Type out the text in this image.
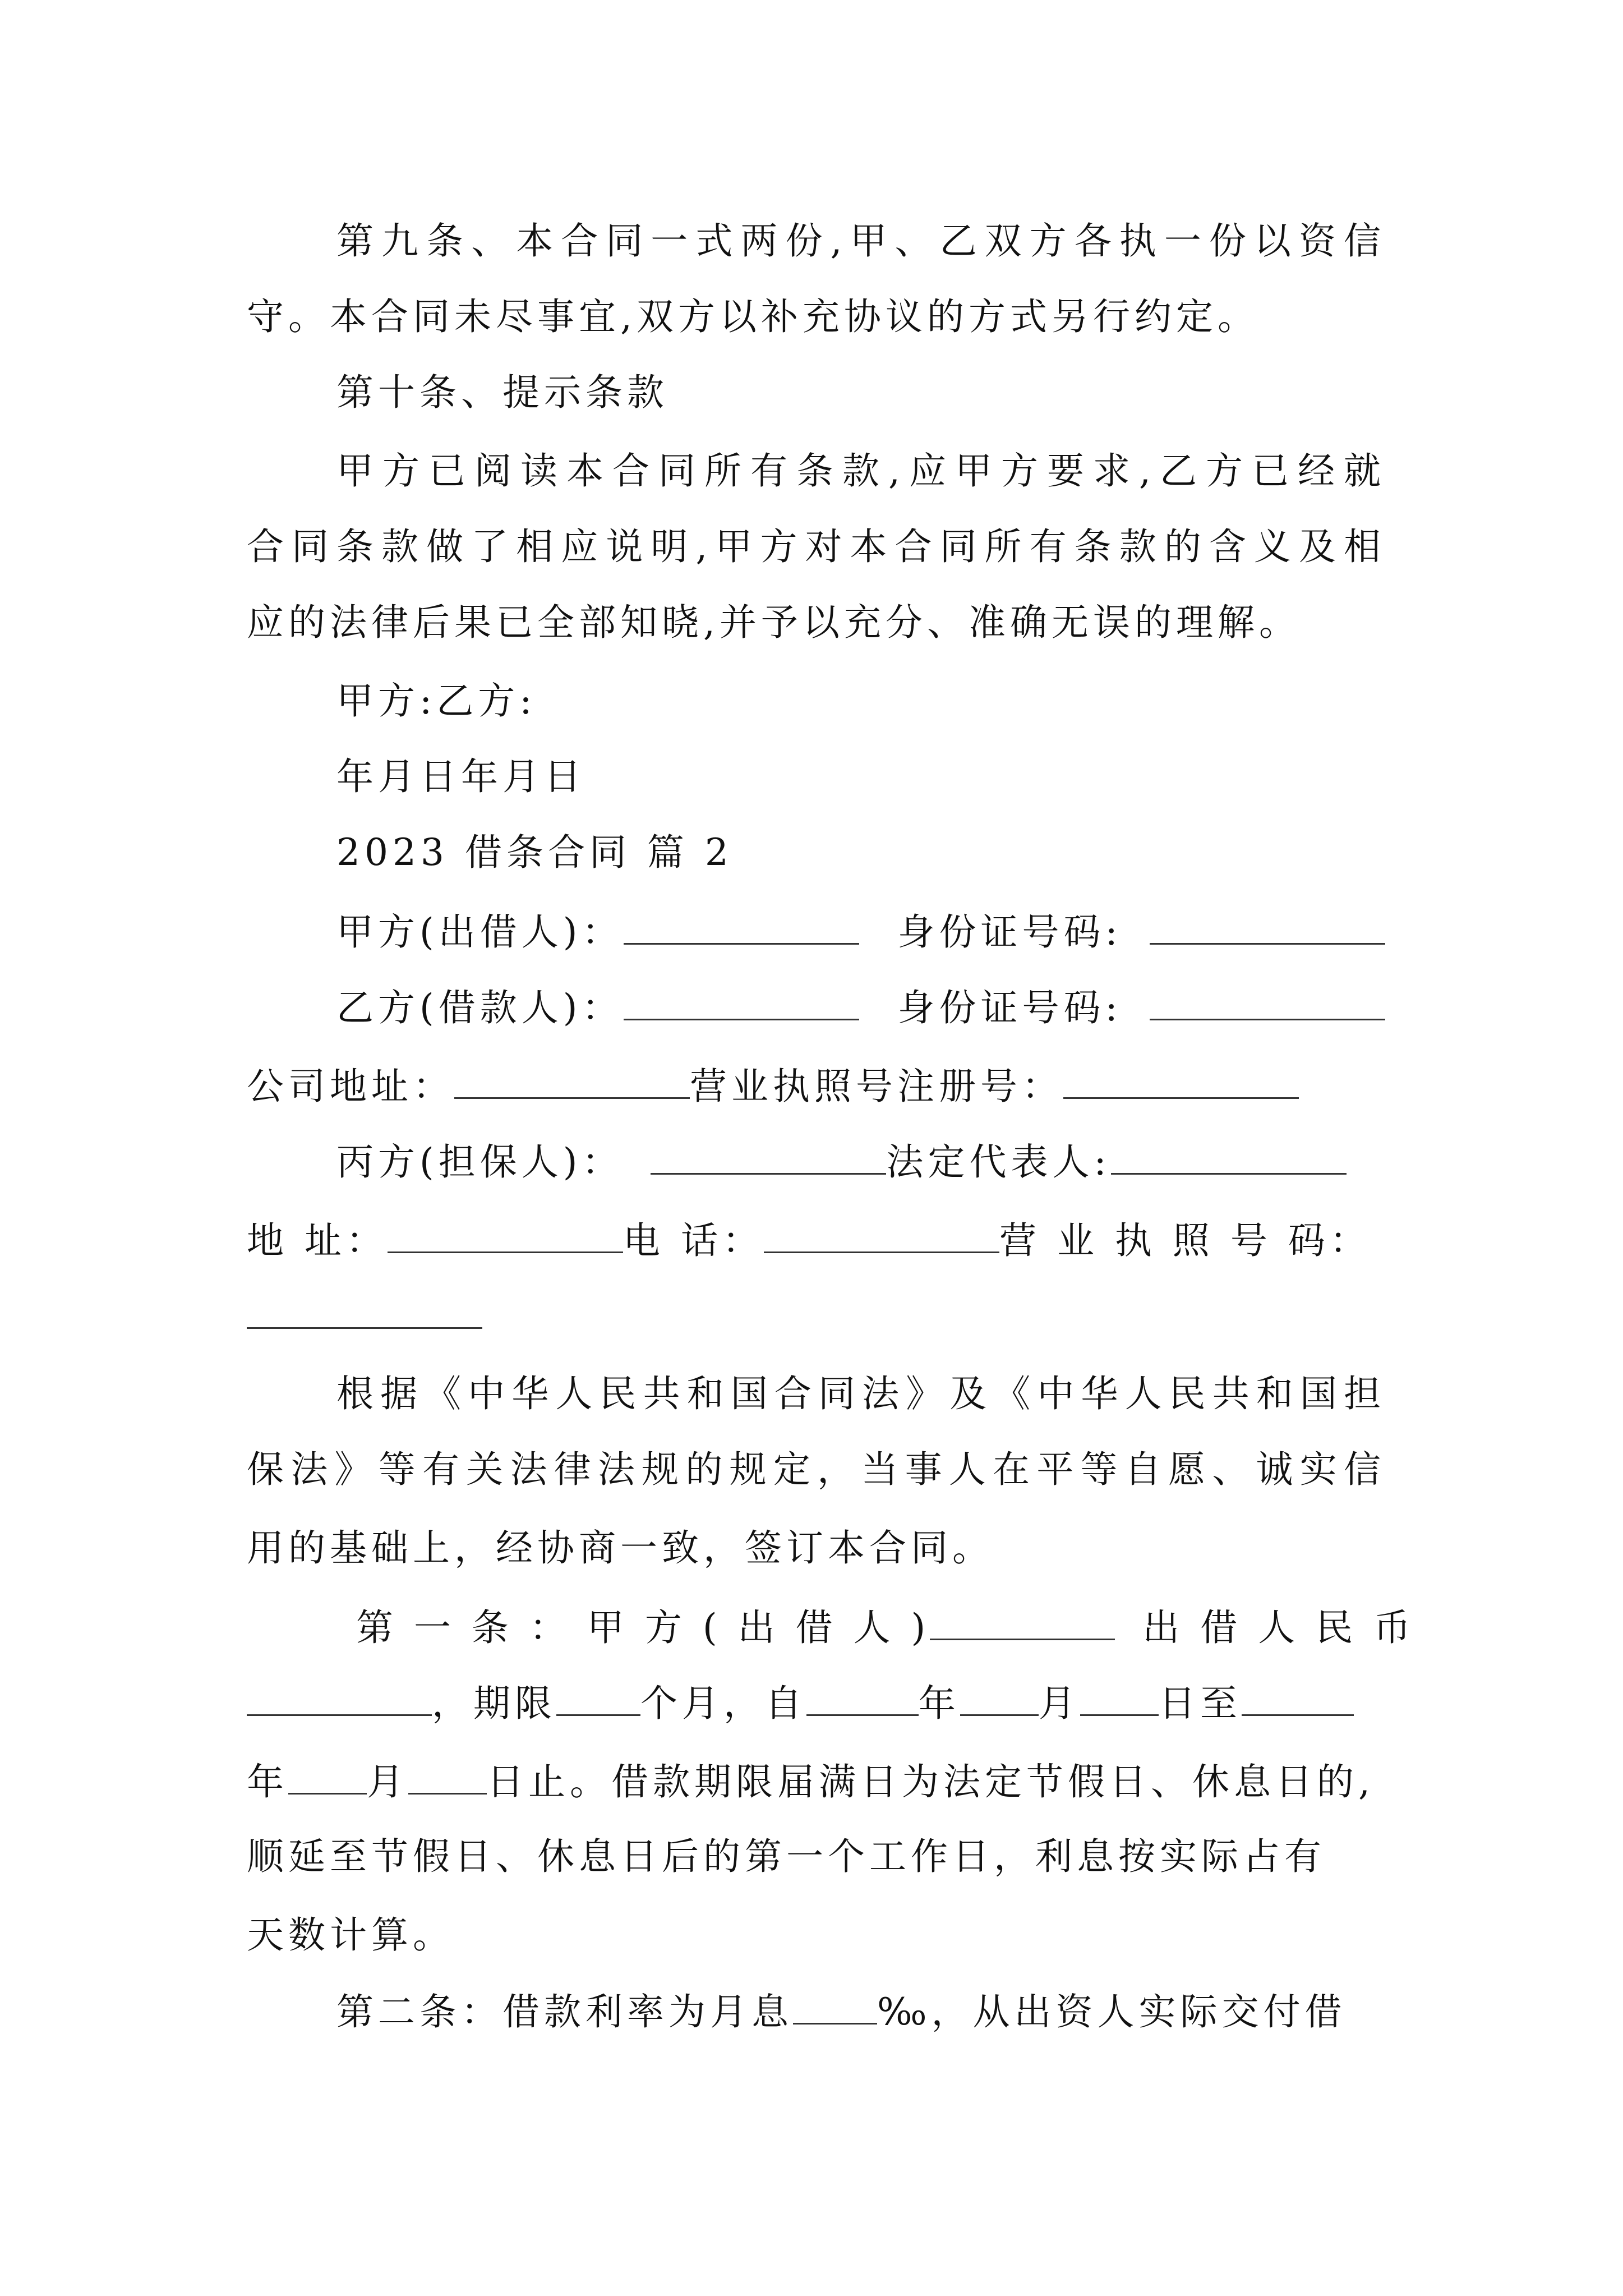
第九条、本合同一式两份,甲、乙双方各执一份以资信
守。本合同未尽事宜,双方以补充协议的方式另行约定。
第十条、提示条款
甲方已阅读本合同所有条款,应甲方要求,乙方已经就
合同条款做了相应说明,甲方对本合同所有条款的含义及相
应的法律后果已全部知晓,并予以充分、准确无误的理解。
甲方:乙方:
年月日年月日
2023 借条合同 篇 2
甲方(出借人)：	身份证号码:
乙方(借款人)：	身份证号码:
公司地址：	营业执照号注册号：
丙方(担保人)：	法定代表人:
地 址：	电 话：	营 业 执 照 号 码：
根据《中华人民共和国合同法》及《中华人民共和国担
保法》等有关法律法规的规定，当事人在平等自愿、诚实信
用的基础上，经协商一致，签订本合同。
第 一 条 ： 甲 方 ( 出 借 人 )	出 借 人 民 币
，期限 个月，自	年 月 日至
年 月 日止。借款期限届满日为法定节假日、休息日的,
顺延至节假日、休息日后的第一个工作日，利息按实际占有
天数计算。
第二条：借款利率为月息 ‰，从出资人实际交付借
